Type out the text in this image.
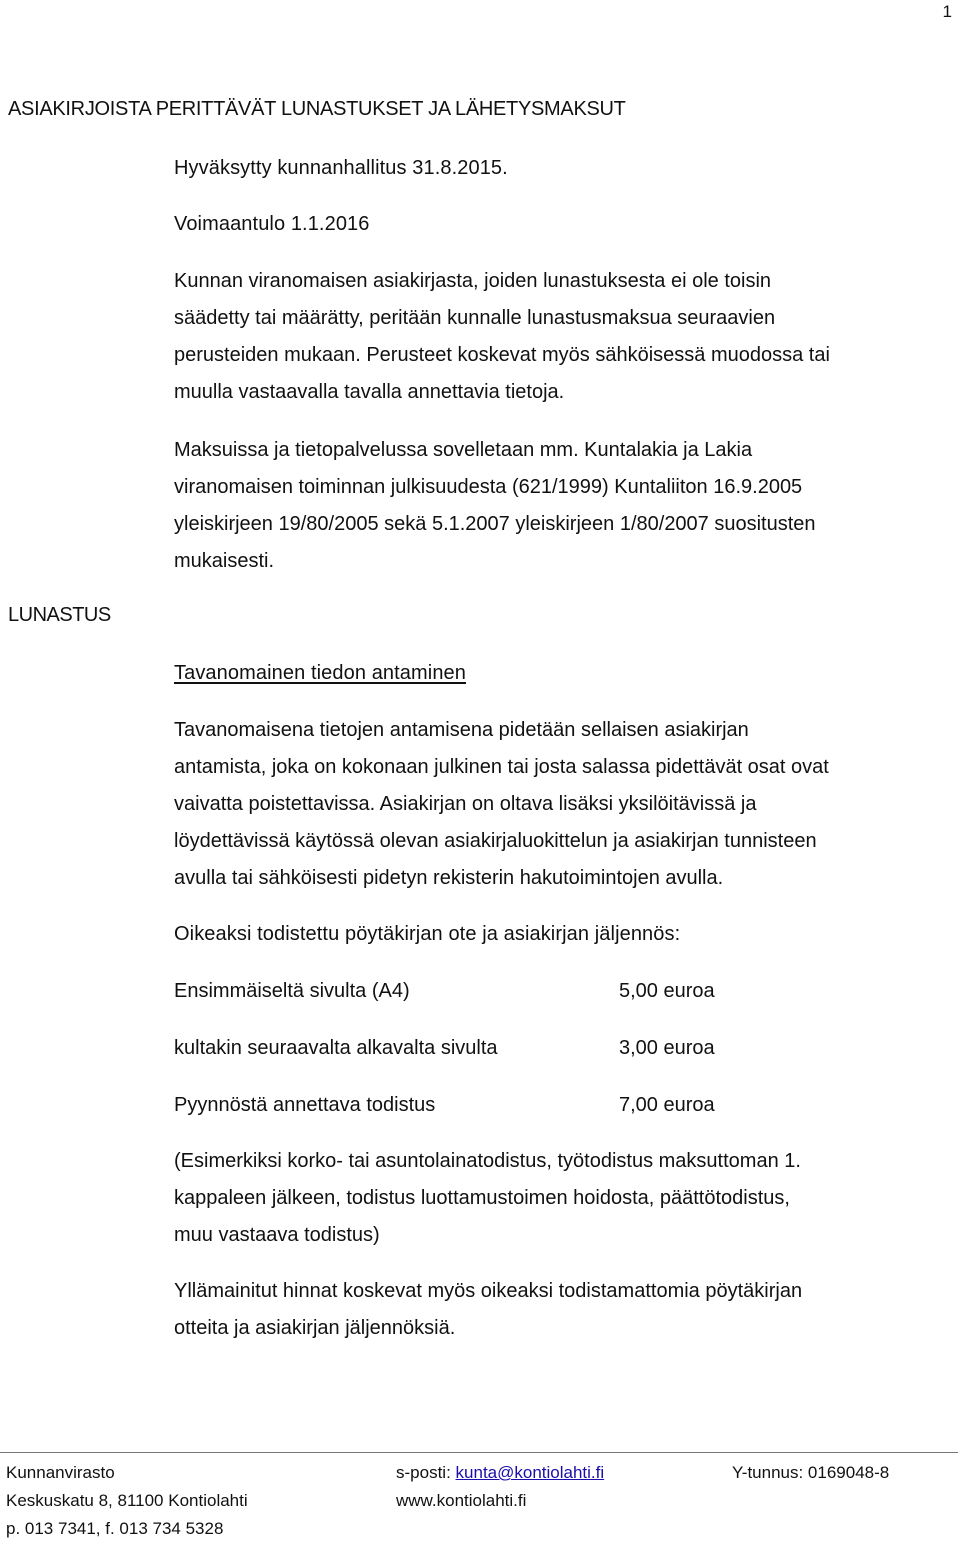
1
ASIAKIRJOISTA PERITTÄVÄT LUNASTUKSET JA LÄHETYSMAKSUT

Hyväksytty kunnanhallitus 31.8.2015.

Voimaantulo 1.1.2016

Kunnan viranomaisen asiakirjasta, joiden lunastuksesta ei ole toisin
säädetty tai määrätty, peritään kunnalle lunastusmaksua seuraavien
perusteiden mukaan. Perusteet koskevat myös sähköisessä muodossa tai
muulla vastaavalla tavalla annettavia tietoja.

Maksuissa ja tietopalvelussa sovelletaan mm. Kuntalakia ja Lakia
viranomaisen toiminnan julkisuudesta (621/1999) Kuntaliiton 16.9.2005
yleiskirjeen 19/80/2005 sekä 5.1.2007 yleiskirjeen 1/80/2007 suositusten
mukaisesti.

LUNASTUS
Tavanomainen tiedon antaminen

Tavanomaisena tietojen antamisena pidetään sellaisen asiakirjan
antamista, joka on kokonaan julkinen tai josta salassa pidettävät osat ovat
vaivatta poistettavissa. Asiakirjan on oltava lisäksi yksilöitävissä ja
löydettävissä käytössä olevan asiakirjaluokittelun ja asiakirjan tunnisteen
avulla tai sähköisesti pidetyn rekisterin hakutoimintojen avulla.

Oikeaksi todistettu pöytäkirjan ote ja asiakirjan jäljennös:

Ensimmäiseltä sivulta (A4)	5,00 euroa
kultakin seuraavalta alkavalta sivulta	3,00 euroa
Pyynnöstä annettava todistus	7,00 euroa

(Esimerkiksi korko- tai asuntolainatodistus, työtodistus maksuttoman 1.
kappaleen jälkeen, todistus luottamustoimen hoidosta, päättötodistus,
muu vastaava todistus)

Yllämainitut hinnat koskevat myös oikeaksi todistamattomia pöytäkirjan
otteita ja asiakirjan jäljennöksiä.

Kunnanvirasto
Keskuskatu 8, 81100 Kontiolahti
p. 013 7341, f. 013 734 5328
s-posti: kunta@kontiolahti.fi
www.kontiolahti.fi
Y-tunnus: 0169048-8
